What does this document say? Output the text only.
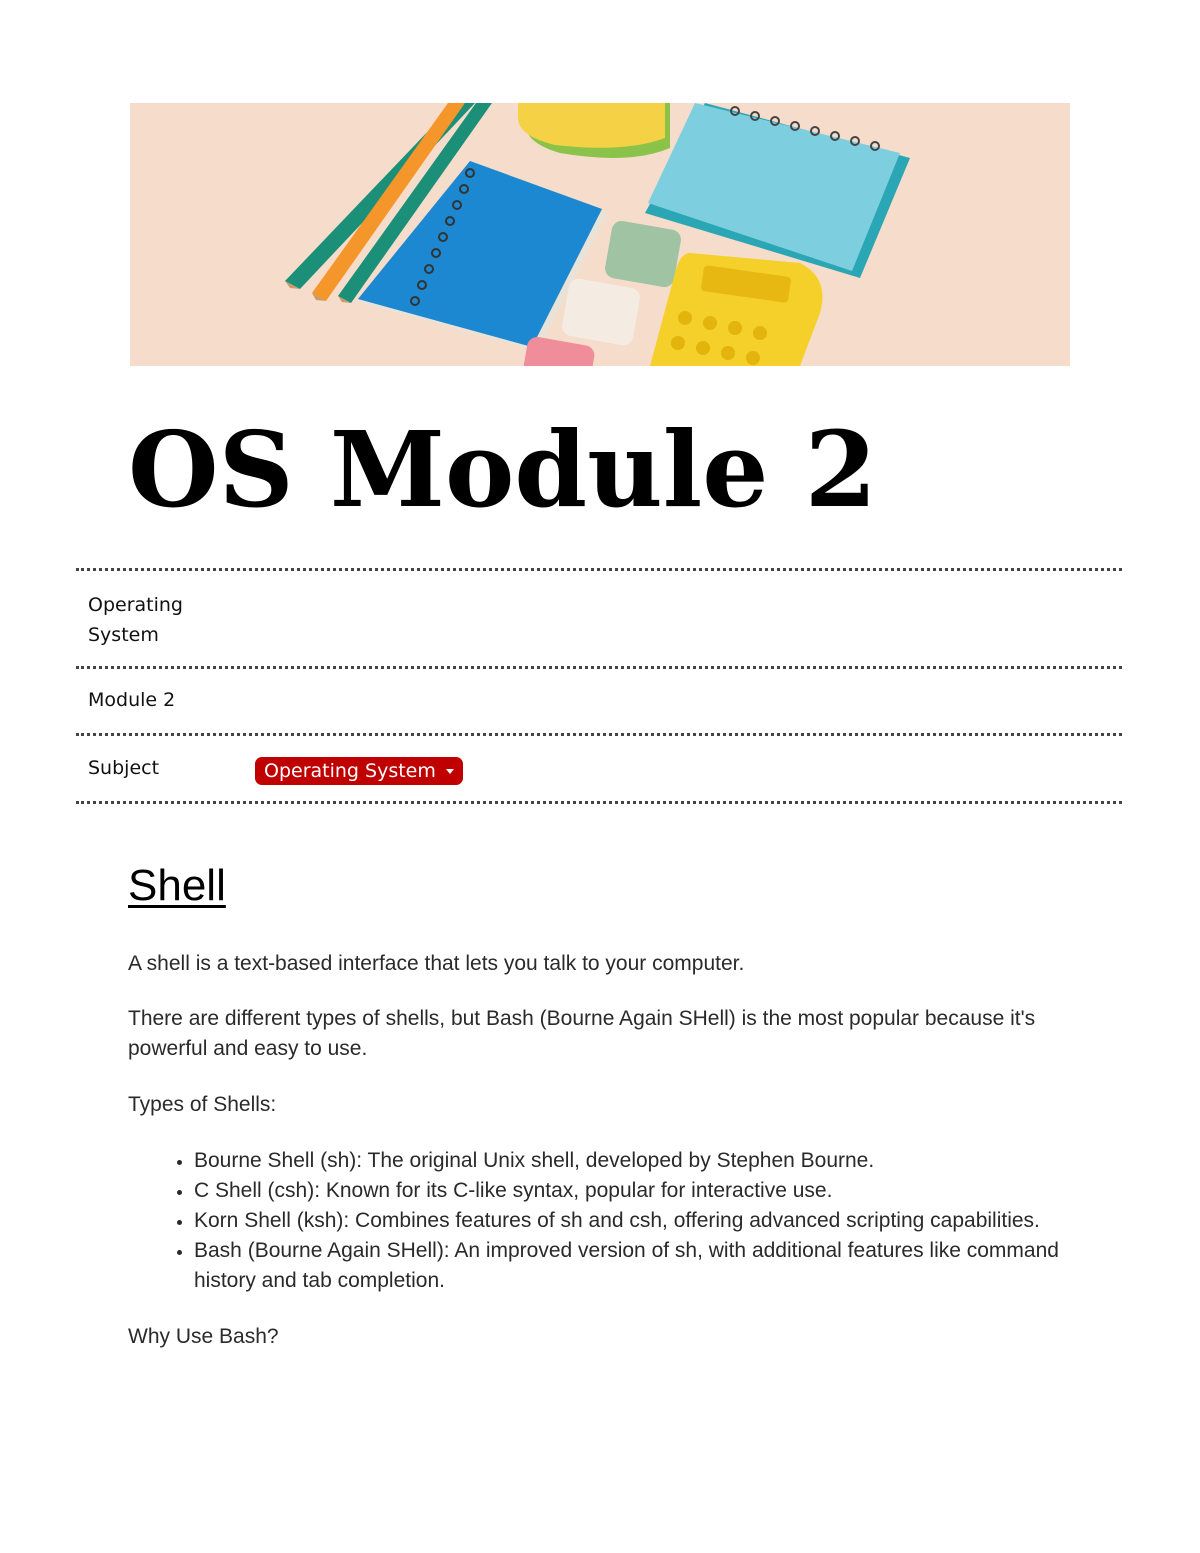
OS Module 2
Operating System
Module 2
Subject	Operating System
Shell

A shell is a text-based interface that lets you talk to your computer.

There are different types of shells, but Bash (Bourne Again SHell) is the most popular because it's powerful and easy to use.

Types of Shells:

• Bourne Shell (sh): The original Unix shell, developed by Stephen Bourne.
• C Shell (csh): Known for its C-like syntax, popular for interactive use.
• Korn Shell (ksh): Combines features of sh and csh, offering advanced scripting capabilities.
• Bash (Bourne Again SHell): An improved version of sh, with additional features like command history and tab completion.

Why Use Bash?
